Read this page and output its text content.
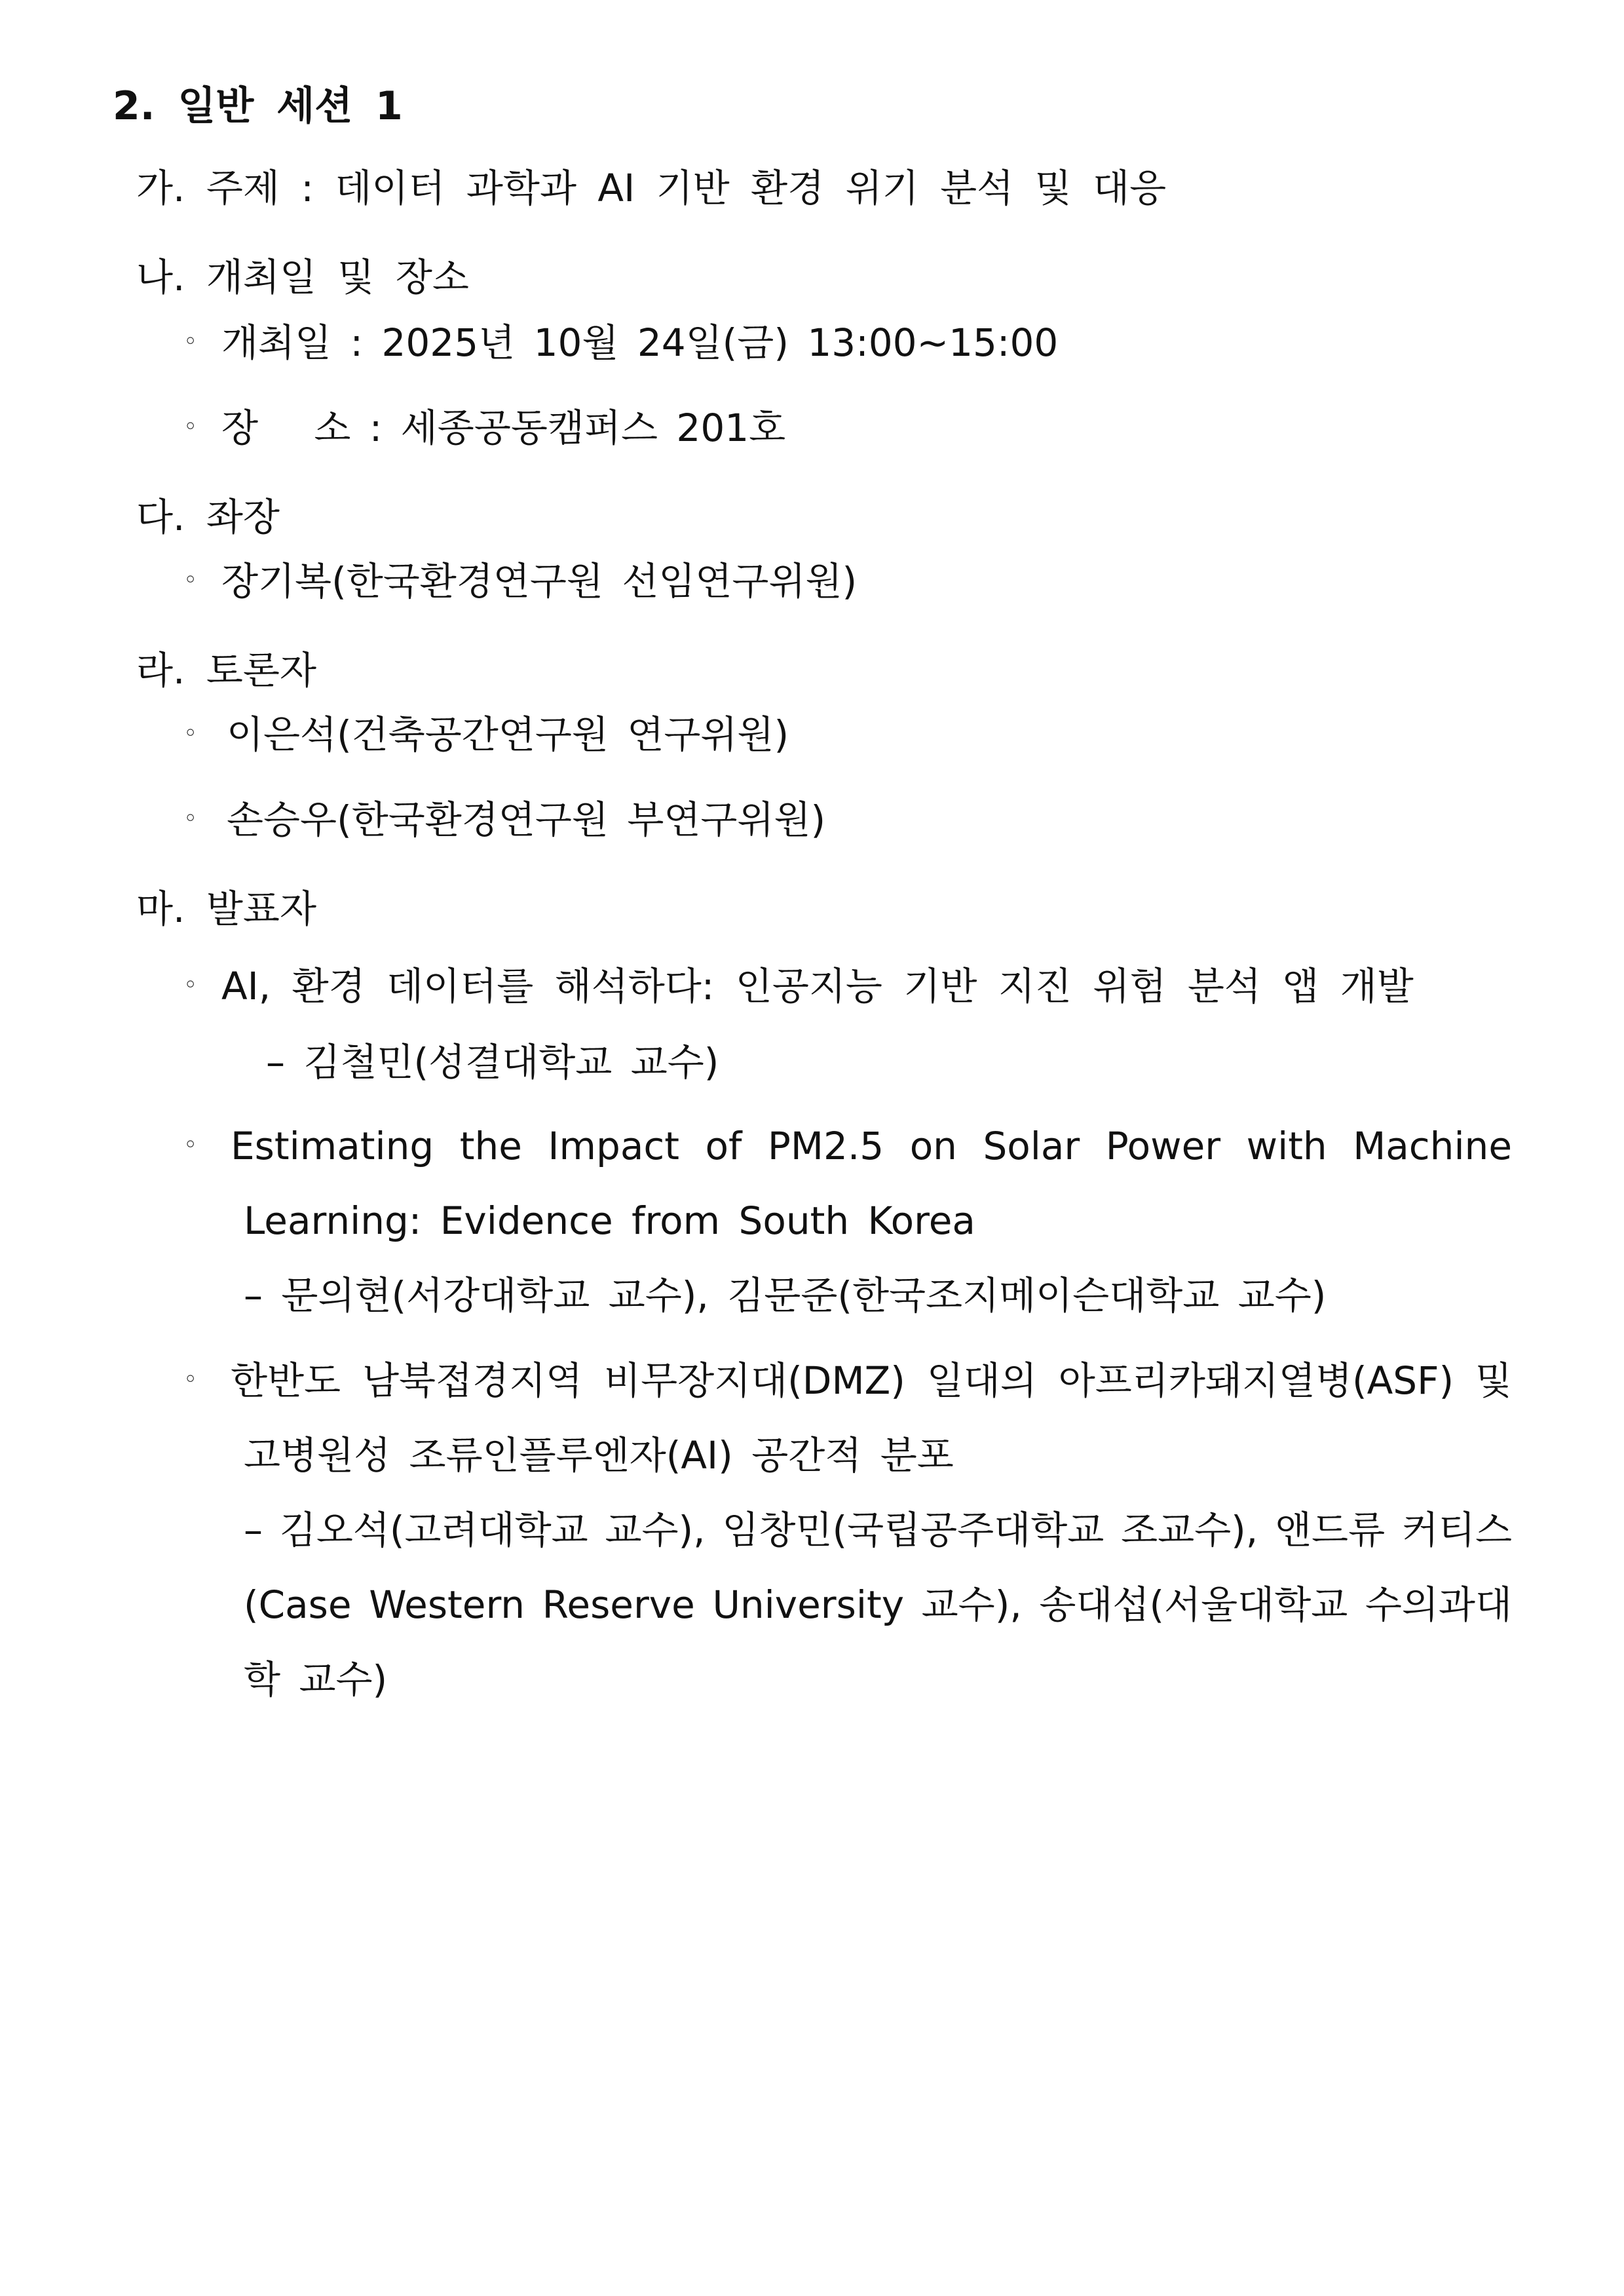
2. 일반 세션 1
가. 주제 : 데이터 과학과 AI 기반 환경 위기 분석 및 대응
나. 개최일 및 장소
◦ 개최일 : 2025년 10월 24일(금) 13:00~15:00
◦ 장   소 : 세종공동캠퍼스 201호
다. 좌장
◦ 장기복(한국환경연구원 선임연구위원)
라. 토론자
◦ 이은석(건축공간연구원 연구위원)
◦ 손승우(한국환경연구원 부연구위원)
마. 발표자
◦ AI, 환경 데이터를 해석하다: 인공지능 기반 지진 위험 분석 앱 개발
– 김철민(성결대학교 교수)
◦ Estimating the Impact of PM2.5 on Solar Power with Machine
Learning: Evidence from South Korea
– 문의현(서강대학교 교수), 김문준(한국조지메이슨대학교 교수)
◦ 한반도 남북접경지역 비무장지대(DMZ) 일대의 아프리카돼지열병(ASF) 및
고병원성 조류인플루엔자(AI) 공간적 분포
– 김오석(고려대학교 교수), 임창민(국립공주대학교 조교수), 앤드류 커티스
(Case Western Reserve University 교수), 송대섭(서울대학교 수의과대
학 교수)
